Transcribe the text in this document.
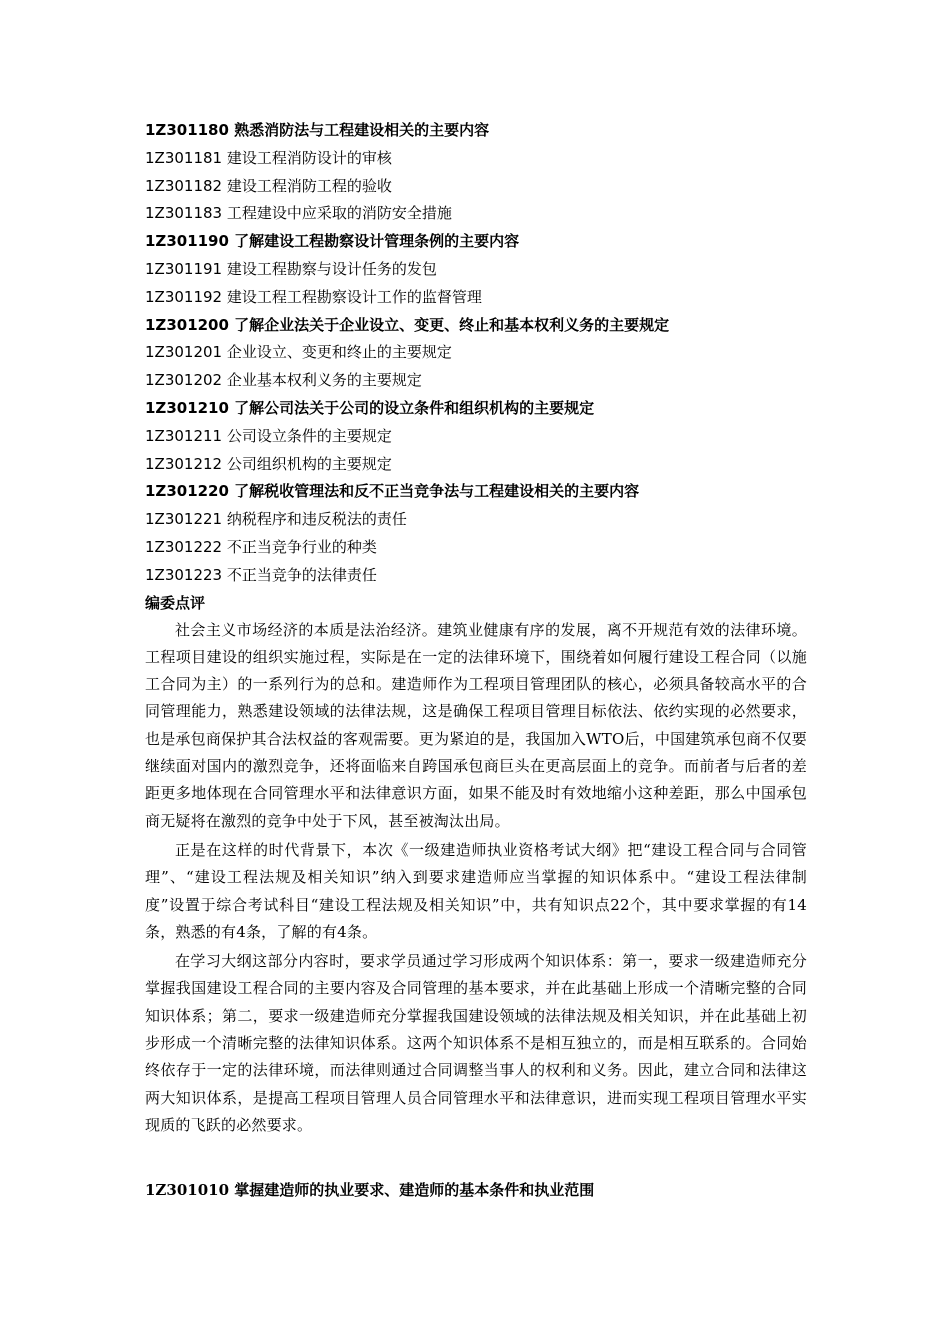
1Z301180 熟悉消防法与工程建设相关的主要内容

1Z301181 建设工程消防设计的审核

1Z301182 建设工程消防工程的验收

1Z301183 工程建设中应采取的消防安全措施

1Z301190 了解建设工程勘察设计管理条例的主要内容

1Z301191 建设工程勘察与设计任务的发包

1Z301192 建设工程工程勘察设计工作的监督管理

1Z301200 了解企业法关于企业设立、变更、终止和基本权利义务的主要规定

1Z301201 企业设立、变更和终止的主要规定

1Z301202 企业基本权利义务的主要规定

1Z301210 了解公司法关于公司的设立条件和组织机构的主要规定

1Z301211 公司设立条件的主要规定

1Z301212 公司组织机构的主要规定

1Z301220 了解税收管理法和反不正当竞争法与工程建设相关的主要内容

1Z301221 纳税程序和违反税法的责任

1Z301222 不正当竞争行业的种类

1Z301223 不正当竞争的法律责任

编委点评

社会主义市场经济的本质是法治经济。建筑业健康有序的发展，离不开规范有效的法律环境。工程项目建设的组织实施过程，实际是在一定的法律环境下，围绕着如何履行建设工程合同（以施工合同为主）的一系列行为的总和。建造师作为工程项目管理团队的核心，必须具备较高水平的合同管理能力，熟悉建设领域的法律法规，这是确保工程项目管理目标依法、依约实现的必然要求，也是承包商保护其合法权益的客观需要。更为紧迫的是，我国加入WTO后，中国建筑承包商不仅要继续面对国内的激烈竞争，还将面临来自跨国承包商巨头在更高层面上的竞争。而前者与后者的差距更多地体现在合同管理水平和法律意识方面，如果不能及时有效地缩小这种差距，那么中国承包商无疑将在激烈的竞争中处于下风，甚至被淘汰出局。

正是在这样的时代背景下，本次《一级建造师执业资格考试大纲》把“建设工程合同与合同管理”、“建设工程法规及相关知识”纳入到要求建造师应当掌握的知识体系中。“建设工程法律制度”设置于综合考试科目“建设工程法规及相关知识”中，共有知识点22个，其中要求掌握的有14条，熟悉的有4条，了解的有4条。

在学习大纲这部分内容时，要求学员通过学习形成两个知识体系：第一，要求一级建造师充分掌握我国建设工程合同的主要内容及合同管理的基本要求，并在此基础上形成一个清晰完整的合同知识体系；第二，要求一级建造师充分掌握我国建设领域的法律法规及相关知识，并在此基础上初步形成一个清晰完整的法律知识体系。这两个知识体系不是相互独立的，而是相互联系的。合同始终依存于一定的法律环境，而法律则通过合同调整当事人的权利和义务。因此，建立合同和法律这两大知识体系，是提高工程项目管理人员合同管理水平和法律意识，进而实现工程项目管理水平实现质的飞跃的必然要求。

1Z301010 掌握建造师的执业要求、建造师的基本条件和执业范围
